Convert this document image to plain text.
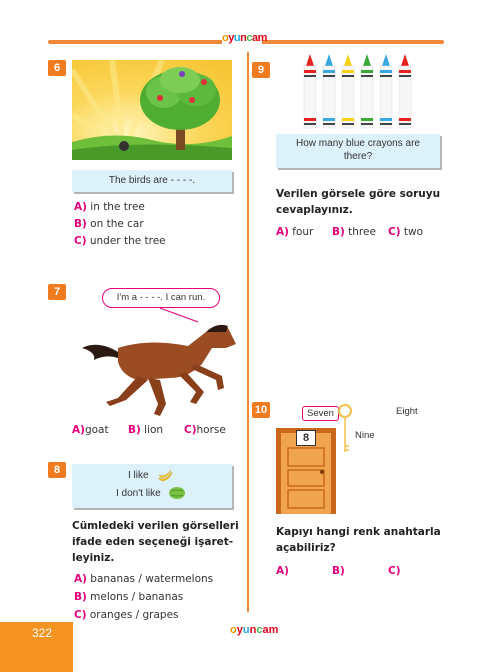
oyuncam
6
The birds are - - - -.
A) in the tree
B) on the car
C) under the tree
7	I'm a - - - -. I can run.
A)goat B) lion C)horse
8	I like
I don't like
Cümledeki verilen görselleri
ifade eden seçeneği işaret-
leyiniz.
A) bananas / watermelons
B) melons / bananas
C) oranges / grapes
9
How many blue crayons are
there?
Verilen görsele göre soruyu
cevaplayınız.
A) four B) three C) two
10	Seven	Eight
Nine
8
Kapıyı hangi renk anahtarla
açabiliriz?
A)	B)	C)
322	oyuncam
